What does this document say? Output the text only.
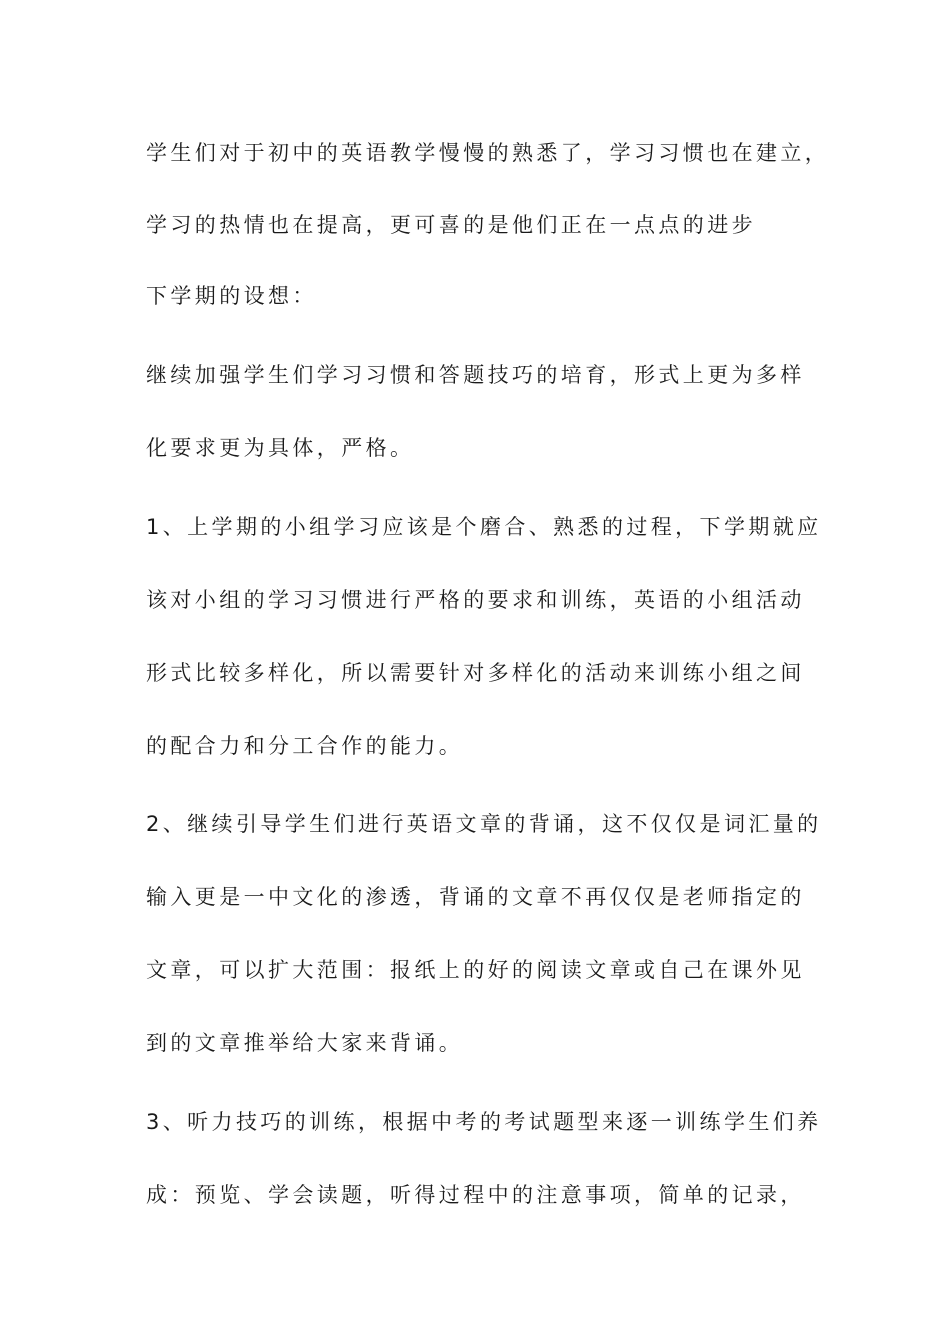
学生们对于初中的英语教学慢慢的熟悉了，学习习惯也在建立，
学习的热情也在提高，更可喜的是他们正在一点点的进步
下学期的设想：
继续加强学生们学习习惯和答题技巧的培育，形式上更为多样
化要求更为具体，严格。
1、上学期的小组学习应该是个磨合、熟悉的过程，下学期就应
该对小组的学习习惯进行严格的要求和训练，英语的小组活动
形式比较多样化，所以需要针对多样化的活动来训练小组之间
的配合力和分工合作的能力。
2、继续引导学生们进行英语文章的背诵，这不仅仅是词汇量的
输入更是一中文化的渗透，背诵的文章不再仅仅是老师指定的
文章，可以扩大范围：报纸上的好的阅读文章或自己在课外见
到的文章推举给大家来背诵。
3、听力技巧的训练，根据中考的考试题型来逐一训练学生们养
成：预览、学会读题，听得过程中的注意事项，简单的记录，
